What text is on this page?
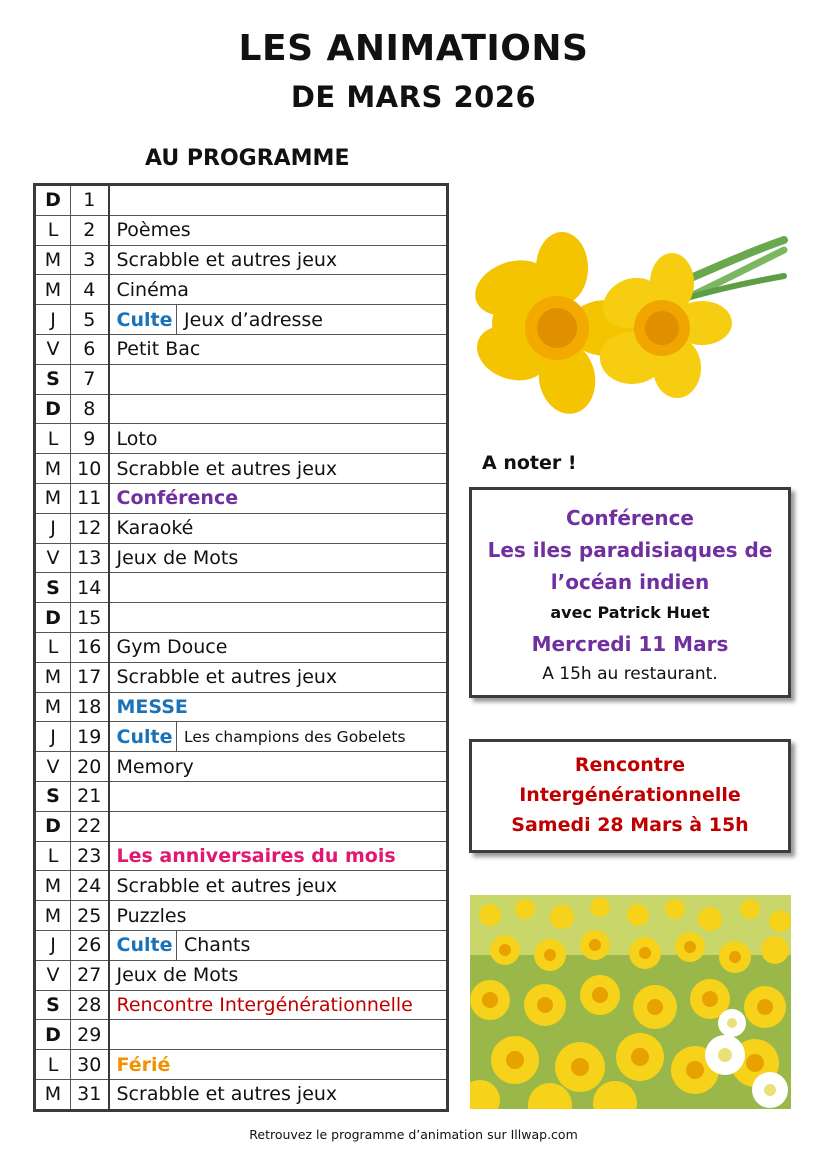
LES ANIMATIONS
DE MARS 2026
AU PROGRAMME
D	1		
L	2	Poèmes	
M	3	Scrabble et autres jeux	
M	4	Cinéma	
J	5	Culte	Jeux d’adresse
V	6	Petit Bac	
S	7		
D	8		
L	9	Loto	
M	10	Scrabble et autres jeux	
M	11	Conférence	
J	12	Karaoké	
V	13	Jeux de Mots	
S	14		
D	15		
L	16	Gym Douce	
M	17	Scrabble et autres jeux	
M	18	MESSE	
J	19	Culte	Les champions des Gobelets
V	20	Memory	
S	21		
D	22		
L	23	Les anniversaires du mois	
M	24	Scrabble et autres jeux	
M	25	Puzzles	
J	26	Culte	Chants
V	27	Jeux de Mots	
S	28	Rencontre Intergénérationnelle	
D	29		
L	30	Férié	
M	31	Scrabble et autres jeux	
A noter !
Conférence
Les iles paradisiaques de
l’océan indien
avec Patrick Huet
Mercredi 11 Mars
A 15h au restaurant.
Rencontre
Intergénérationnelle
Samedi 28 Mars à 15h
Retrouvez le programme d’animation sur Illwap.com
